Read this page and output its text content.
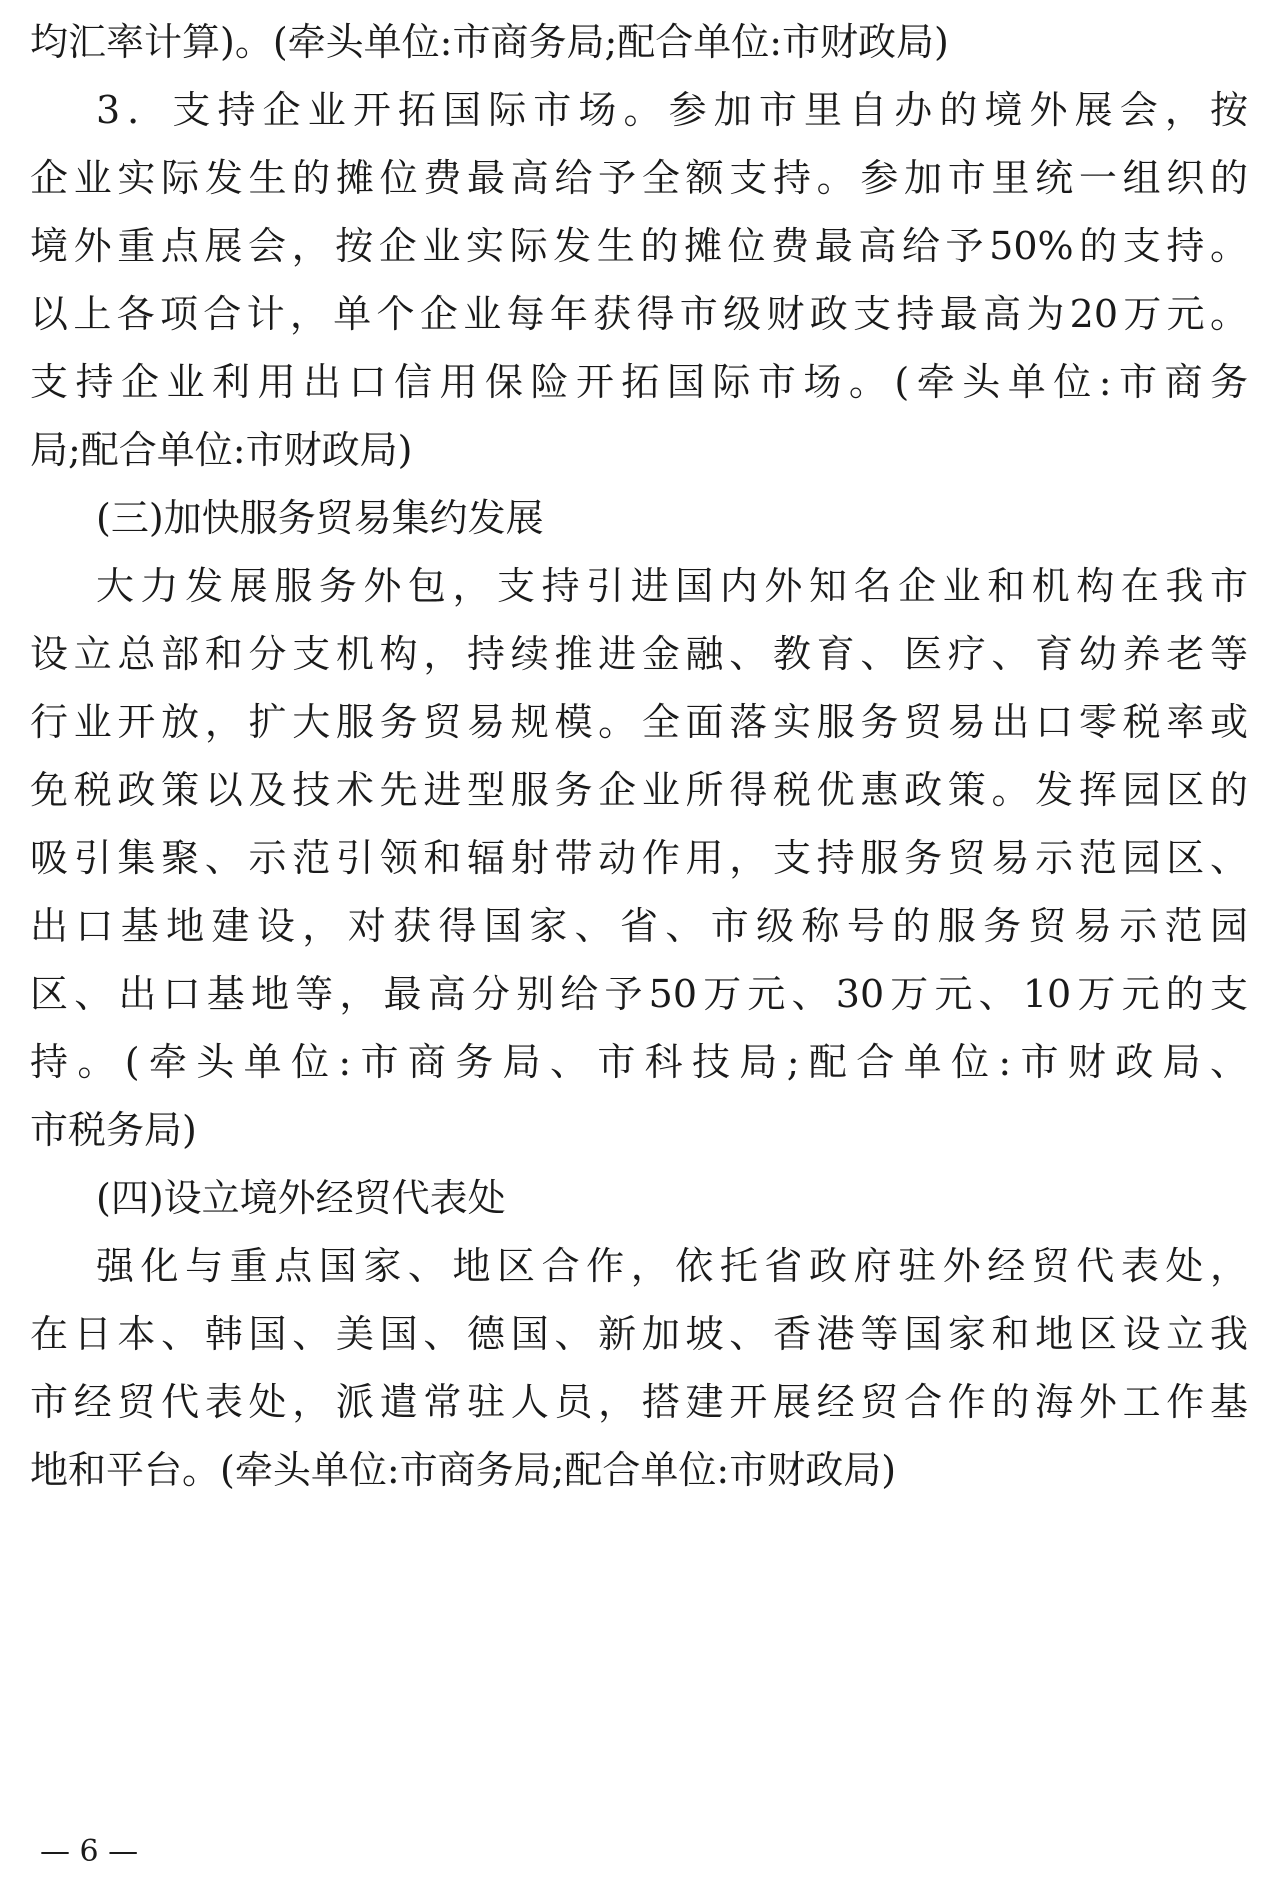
均汇率计算)。(牵头单位:市商务局;配合单位:市财政局)
3．支持企业开拓国际市场。参加市里自办的境外展会，按
企业实际发生的摊位费最高给予全额支持。参加市里统一组织的
境外重点展会，按企业实际发生的摊位费最高给予50%的支持。
以上各项合计，单个企业每年获得市级财政支持最高为20万元。
支持企业利用出口信用保险开拓国际市场。(牵头单位:市商务
局;配合单位:市财政局)
(三)加快服务贸易集约发展
大力发展服务外包，支持引进国内外知名企业和机构在我市
设立总部和分支机构，持续推进金融、教育、医疗、育幼养老等
行业开放，扩大服务贸易规模。全面落实服务贸易出口零税率或
免税政策以及技术先进型服务企业所得税优惠政策。发挥园区的
吸引集聚、示范引领和辐射带动作用，支持服务贸易示范园区、
出口基地建设，对获得国家、省、市级称号的服务贸易示范园
区、出口基地等，最高分别给予50万元、30万元、10万元的支
持。(牵头单位:市商务局、市科技局;配合单位:市财政局、
市税务局)
(四)设立境外经贸代表处
强化与重点国家、地区合作，依托省政府驻外经贸代表处，
在日本、韩国、美国、德国、新加坡、香港等国家和地区设立我
市经贸代表处，派遣常驻人员，搭建开展经贸合作的海外工作基
地和平台。(牵头单位:市商务局;配合单位:市财政局)
— 6 —
